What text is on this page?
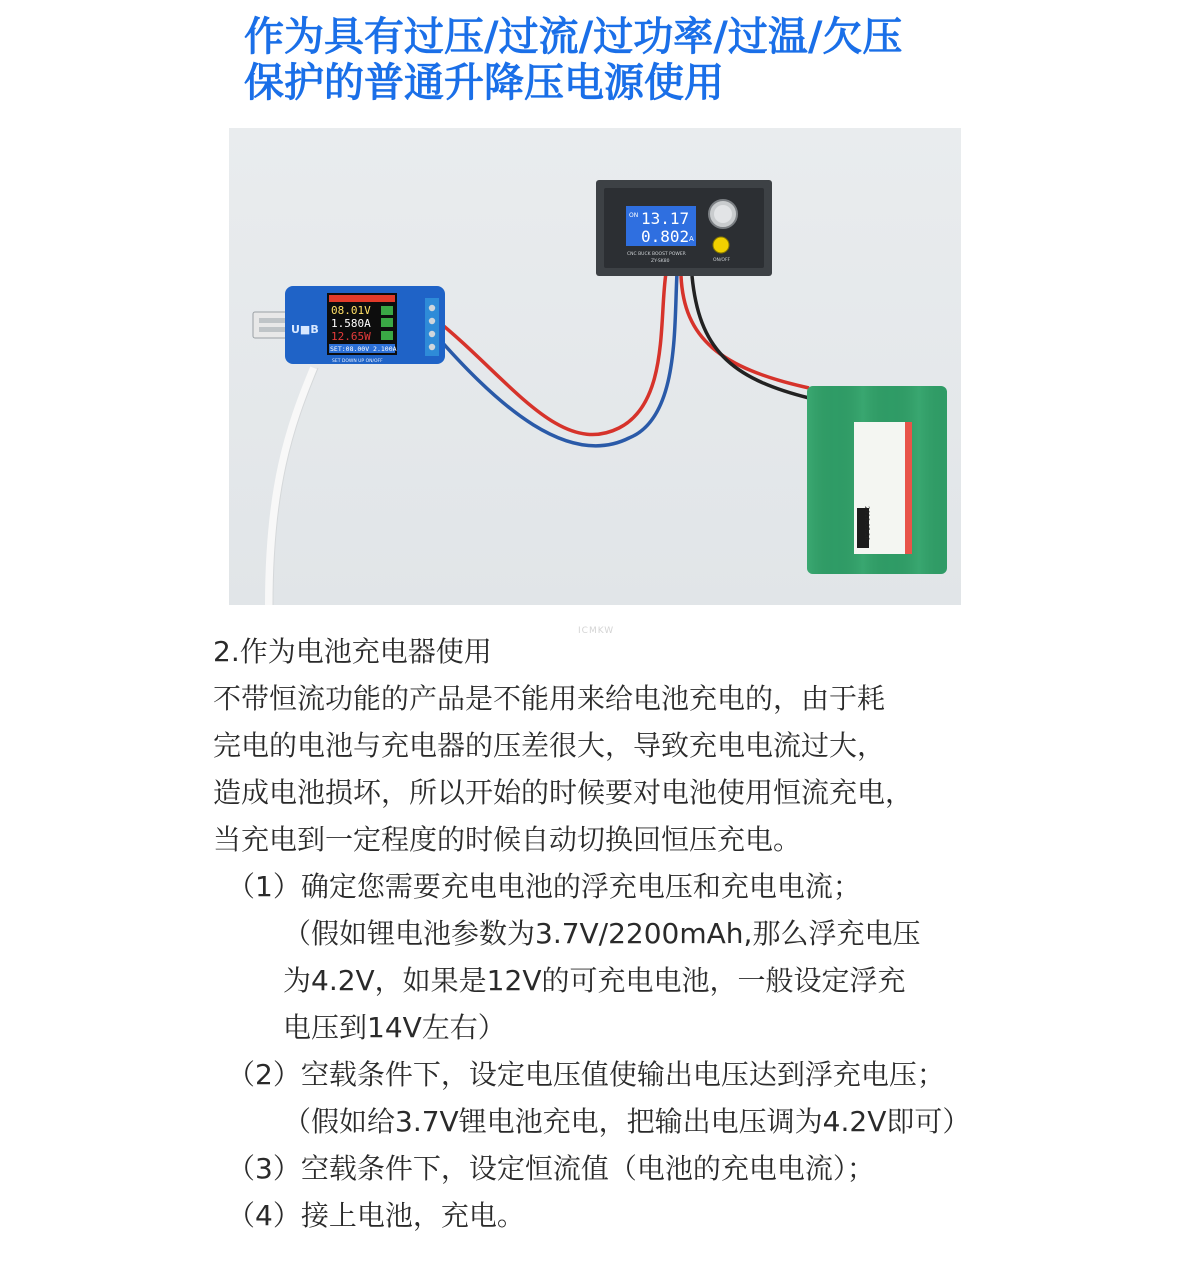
作为具有过压/过流/过功率/过温/欠压
保护的普通升降压电源使用
08.01V
1.580A
12.65W
SET:08.00V 2.100A
U■B
SET DOWN UP ON/OFF
ON 13.17
0.802 A
CNC BUCK BOOST POWER
ZY-SK80	ON/OFF
2018.05.26
ICMKW
2.作为电池充电器使用
不带恒流功能的产品是不能用来给电池充电的，由于耗
完电的电池与充电器的压差很大，导致充电电流过大，
造成电池损坏，所以开始的时候要对电池使用恒流充电，
当充电到一定程度的时候自动切换回恒压充电。
（1）确定您需要充电电池的浮充电压和充电电流；
（假如锂电池参数为3.7V/2200mAh,那么浮充电压
为4.2V，如果是12V的可充电电池，一般设定浮充
电压到14V左右）
（2）空载条件下，设定电压值使输出电压达到浮充电压；
（假如给3.7V锂电池充电，把输出电压调为4.2V即可）
（3）空载条件下，设定恒流值（电池的充电电流）；
（4）接上电池，充电。
